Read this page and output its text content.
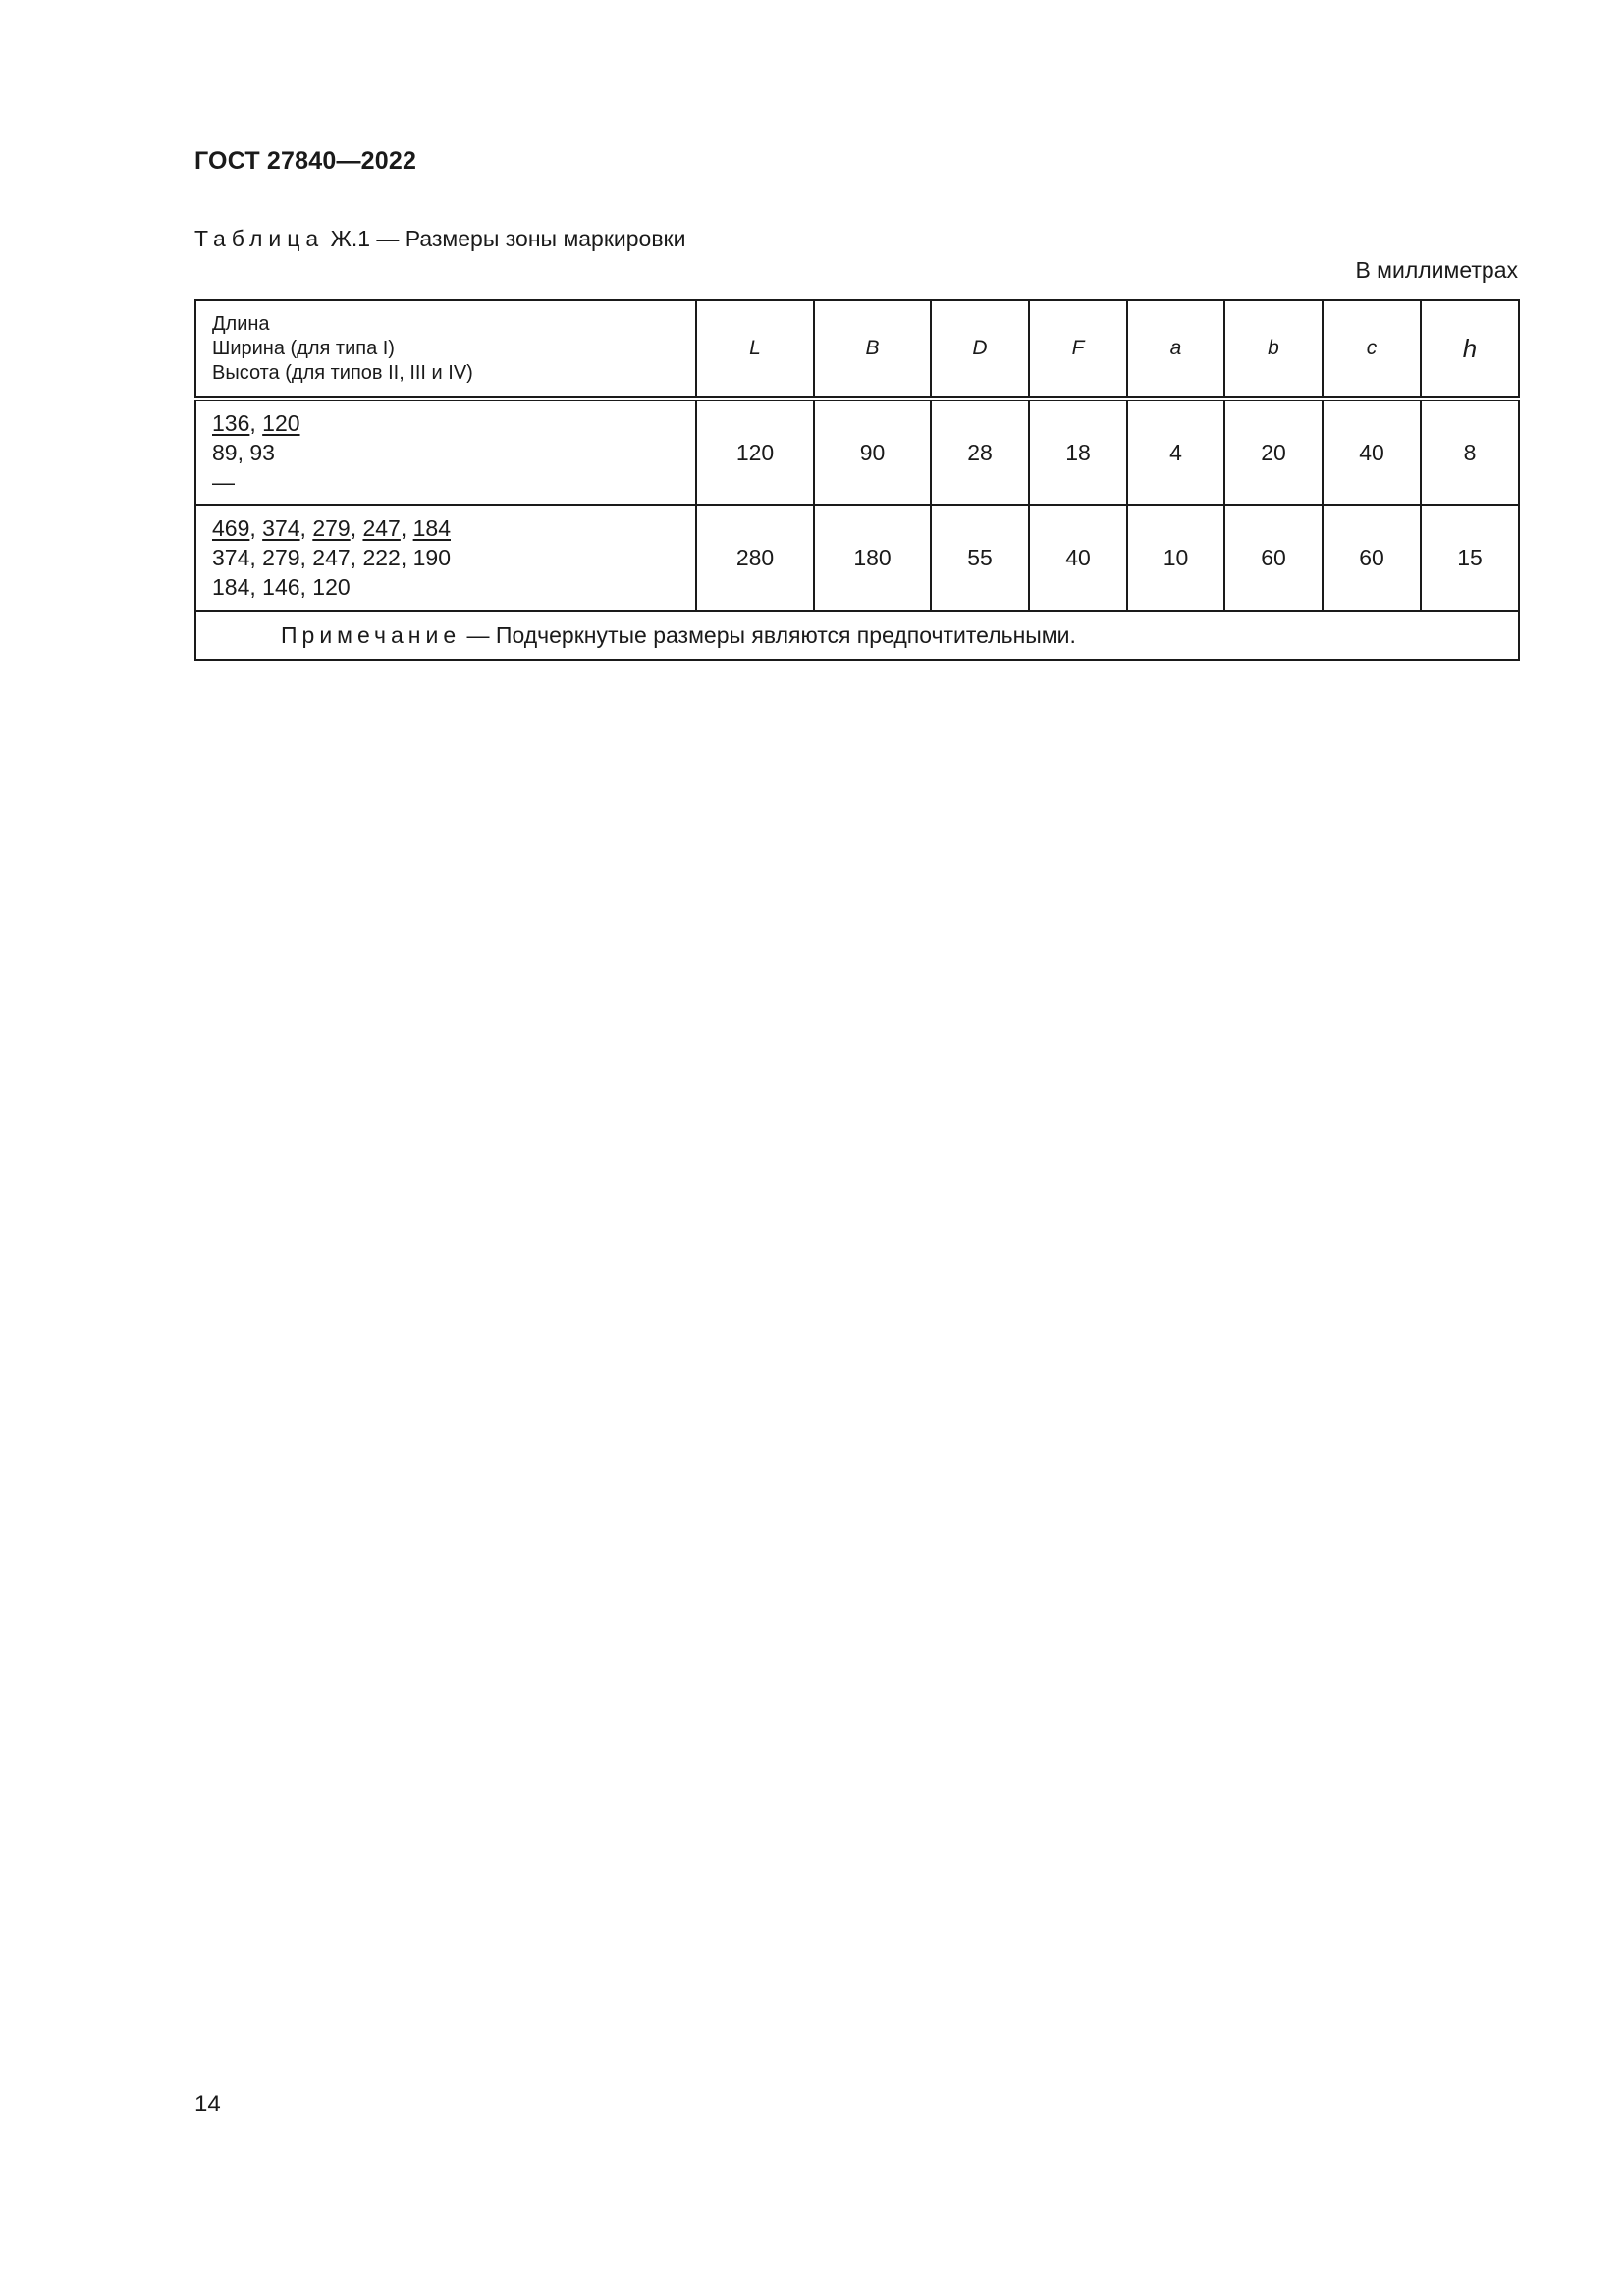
ГОСТ 27840—2022
Таблица Ж.1 — Размеры зоны маркировки
В миллиметрах
Длина
Ширина (для типа I)
Высота (для типов II, III и IV)	L	B	D	F	a	b	c	h

136, 120
89, 93
—	120	90	28	18	4	20	40	8

469, 374, 279, 247, 184
374, 279, 247, 222, 190
184, 146, 120	280	180	55	40	10	60	60	15
Примечание — Подчеркнутые размеры являются предпочтительными.								
14
